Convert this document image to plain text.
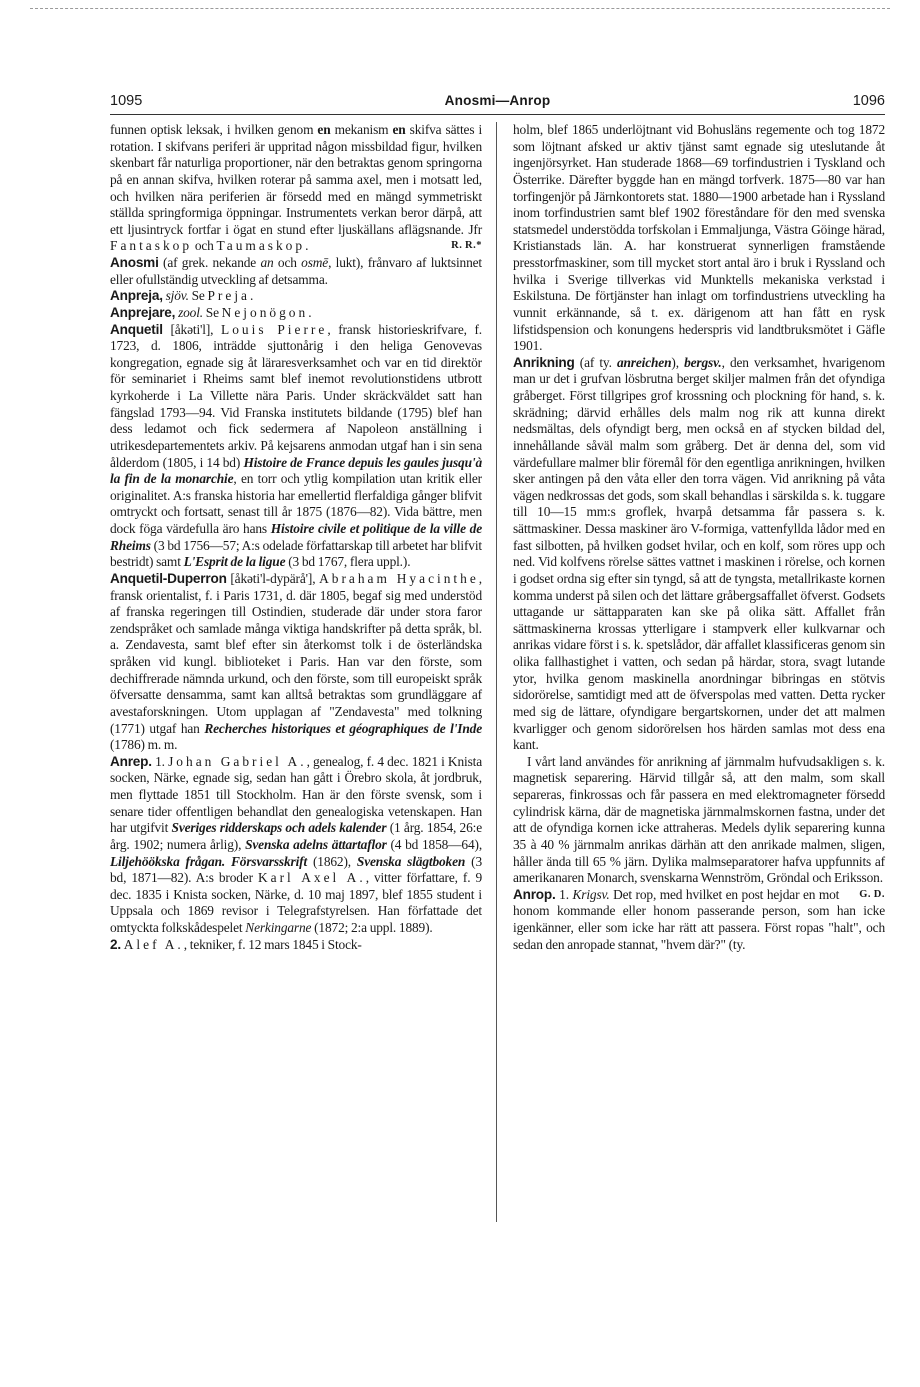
1095	Anosmi—Anrop	1096

funnen optisk leksak, i hvilken genom en mekanism en skifva sättes i rotation. I skifvans periferi är uppritad någon missbildad figur, hvilken skenbart får naturliga proportioner, när den betraktas genom springorna på en annan skifva, hvilken roterar på samma axel, men i motsatt led, och hvilken nära periferien är försedd med en mängd symmetriskt ställda springformiga öppningar. Instrumentets verkan beror därpå, att ett ljusintryck fortfar i ögat en stund efter ljuskällans aflägsnande. Jfr Fantaskop och Taumaskop.	R. R.*

Anosmi (af grek. nekande an och osmē, lukt), frånvaro af luktsinnet eller ofullständig utveckling af detsamma.

Anpreja, sjöv. Se Preja.

Anprejare, zool. Se Nejonögon.

Anquetil [åkəti'l], Louis Pierre, fransk historieskrifvare, f. 1723, d. 1806, inträdde sjuttonårig i den heliga Genovevas kongregation, egnade sig åt läraresverksamhet och var en tid direktör för seminariet i Rheims samt blef inemot revolutionstidens utbrott kyrkoherde i La Villette nära Paris. Under skräckväldet satt han fängslad 1793—94. Vid Franska institutets bildande (1795) blef han dess ledamot och fick sedermera af Napoleon anställning i utrikesdepartementets arkiv. På kejsarens anmodan utgaf han i sin sena ålderdom (1805, i 14 bd) Histoire de France depuis les gaules jusqu'à la fin de la monarchie, en torr och ytlig kompilation utan kritik eller originalitet. A:s franska historia har emellertid flerfaldiga gånger blifvit omtryckt och fortsatt, senast till år 1875 (1876—82). Vida bättre, men dock föga värdefulla äro hans Histoire civile et politique de la ville de Rheims (3 bd 1756—57; A:s odelade författarskap till arbetet har blifvit bestridt) samt L'Esprit de la ligue (3 bd 1767, flera uppl.).

Anquetil-Duperron [åkəti'l-dypärå'], Abraham Hyacinthe, fransk orientalist, f. i Paris 1731, d. där 1805, begaf sig med understöd af franska regeringen till Ostindien, studerade där under stora faror zendspråket och samlade många viktiga handskrifter på detta språk, bl. a. Zendavesta, samt blef efter sin återkomst tolk i de österländska språken vid kungl. biblioteket i Paris. Han var den förste, som dechiffrerade nämnda urkund, och den förste, som till europeiskt språk öfversatte densamma, samt kan alltså betraktas som grundläggare af avestaforskningen. Utom upplagan af "Zendavesta" med tolkning (1771) utgaf han Recherches historiques et géographiques de l'Inde (1786) m. m.

Anrep. 1. Johan Gabriel A., genealog, f. 4 dec. 1821 i Knista socken, Närke, egnade sig, sedan han gått i Örebro skola, åt jordbruk, men flyttade 1851 till Stockholm. Han är den förste svensk, som i senare tider offentligen behandlat den genealogiska vetenskapen. Han har utgifvit Sveriges ridderskaps och adels kalender (1 årg. 1854, 26:e årg. 1902; numera årlig), Svenska adelns ättartaflor (4 bd 1858—64), Liljehöökska frågan. Försvarsskrift (1862), Svenska slägtboken (3 bd, 1871—82). A:s broder Karl Axel A., vitter författare, f. 9 dec. 1835 i Knista socken, Närke, d. 10 maj 1897, blef 1855 student i Uppsala och 1869 revisor i Telegrafstyrelsen. Han författade det omtyckta folkskådespelet Nerkingarne (1872; 2:a uppl. 1889).

2. Alef A., tekniker, f. 12 mars 1845 i Stock-

holm, blef 1865 underlöjtnant vid Bohusläns regemente och tog 1872 som löjtnant afsked ur aktiv tjänst samt egnade sig uteslutande åt ingenjörsyrket. Han studerade 1868—69 torfindustrien i Tyskland och Österrike. Därefter byggde han en mängd torfverk. 1875—80 var han torfingenjör på Järnkontorets stat. 1880—1900 arbetade han i Ryssland inom torfindustrien samt blef 1902 föreståndare för den med svenska statsmedel understödda torfskolan i Emmaljunga, Västra Göinge härad, Kristianstads län. A. har konstruerat synnerligen framstående presstorfmaskiner, som till mycket stort antal äro i bruk i Ryssland och hvilka i Sverige tillverkas vid Munktells mekaniska verkstad i Eskilstuna. De förtjänster han inlagt om torfindustriens utveckling ha vunnit erkännande, så t. ex. därigenom att han fått en rysk lifstidspension och konungens hederspris vid landtbruksmötet i Gäfle 1901.

Anrikning (af ty. anreichen), bergsv., den verksamhet, hvarigenom man ur det i grufvan lösbrutna berget skiljer malmen från det ofyndiga gråberget. Först tillgripes grof krossning och plockning för hand, s. k. skrädning; därvid erhålles dels malm nog rik att kunna direkt nedsmältas, dels ofyndigt berg, men också en af stycken bildad del, innehållande såväl malm som gråberg. Det är denna del, som vid värdefullare malmer blir föremål för den egentliga anrikningen, hvilken sker antingen på den våta eller den torra vägen. Vid anrikning på våta vägen nedkrossas det gods, som skall behandlas i särskilda s. k. tuggare till 10—15 mm:s groflek, hvarpå detsamma får passera s. k. sättmaskiner. Dessa maskiner äro V-formiga, vattenfyllda lådor med en fast silbotten, på hvilken godset hvilar, och en kolf, som röres upp och ned. Vid kolfvens rörelse sättes vattnet i maskinen i rörelse, och kornen i godset ordna sig efter sin tyngd, så att de tyngsta, metallrikaste kornen komma underst på silen och det lättare gråbergsaffallet öfverst. Godsets uttagande ur sättapparaten kan ske på olika sätt. Affallet från sättmaskinerna krossas ytterligare i stampverk eller kulkvarnar och anrikas vidare först i s. k. spetslådor, där affallet klassificeras genom sin olika fallhastighet i vatten, och sedan på härdar, stora, svagt lutande ytor, hvilka genom maskinella anordningar bibringas en stötvis sidorörelse, samtidigt med att de öfverspolas med vatten. Detta rycker med sig de lättare, ofyndigare bergartskornen, under det att malmen kvarligger och genom sidorörelsen hos härden samlas mot dess ena kant.

I vårt land användes för anrikning af järnmalm hufvudsakligen s. k. magnetisk separering. Härvid tillgår så, att den malm, som skall separeras, finkrossas och får passera en med elektromagneter försedd cylindrisk kärna, där de magnetiska järnmalmskornen fastna, under det att de ofyndiga kornen icke attraheras. Medels dylik separering kunna 35 à 40 % järnmalm anrikas därhän att den anrikade malmen, sligen, håller ända till 65 % järn. Dylika malmseparatorer hafva uppfunnits af amerikanaren Monarch, svenskarna Wennström, Gröndal och Eriksson.
G. D.

Anrop. 1. Krigsv. Det rop, med hvilket en post hejdar en mot honom kommande eller honom passerande person, som han icke igenkänner, eller som icke har rätt att passera. Först ropas "halt", och sedan den anropade stannat, "hvem där?" (ty.
